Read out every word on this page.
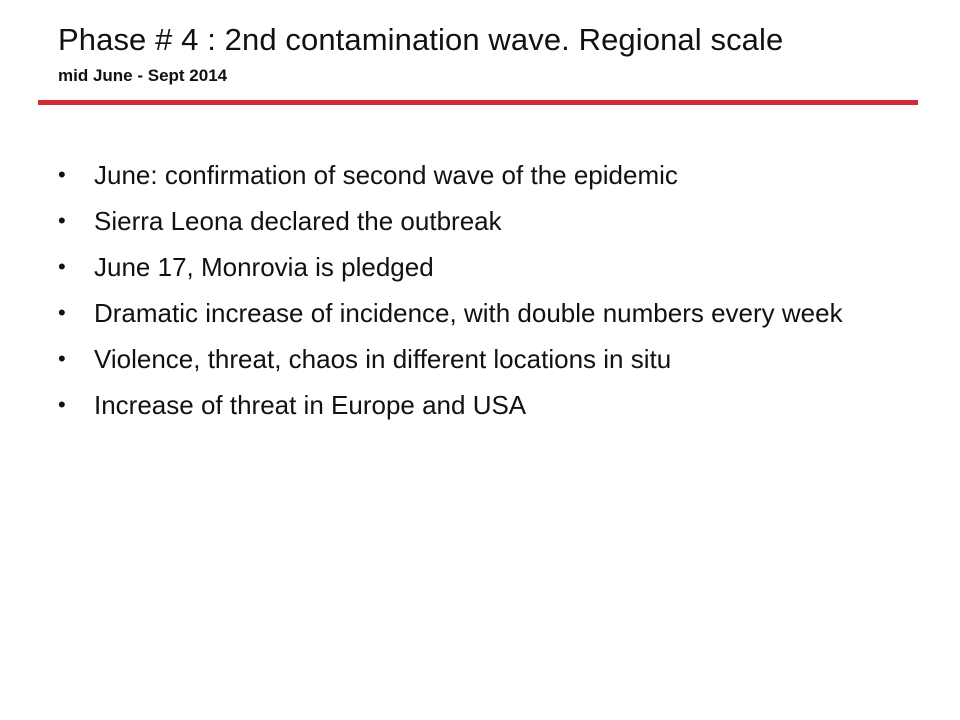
Phase # 4 : 2nd contamination wave. Regional scale
mid June - Sept 2014
•	June: confirmation of second wave of the epidemic
•	Sierra Leona declared the outbreak
•	June 17, Monrovia is pledged
•	Dramatic increase of incidence, with double numbers every week
•	Violence, threat, chaos in different locations in situ
•	Increase of threat in Europe and USA
